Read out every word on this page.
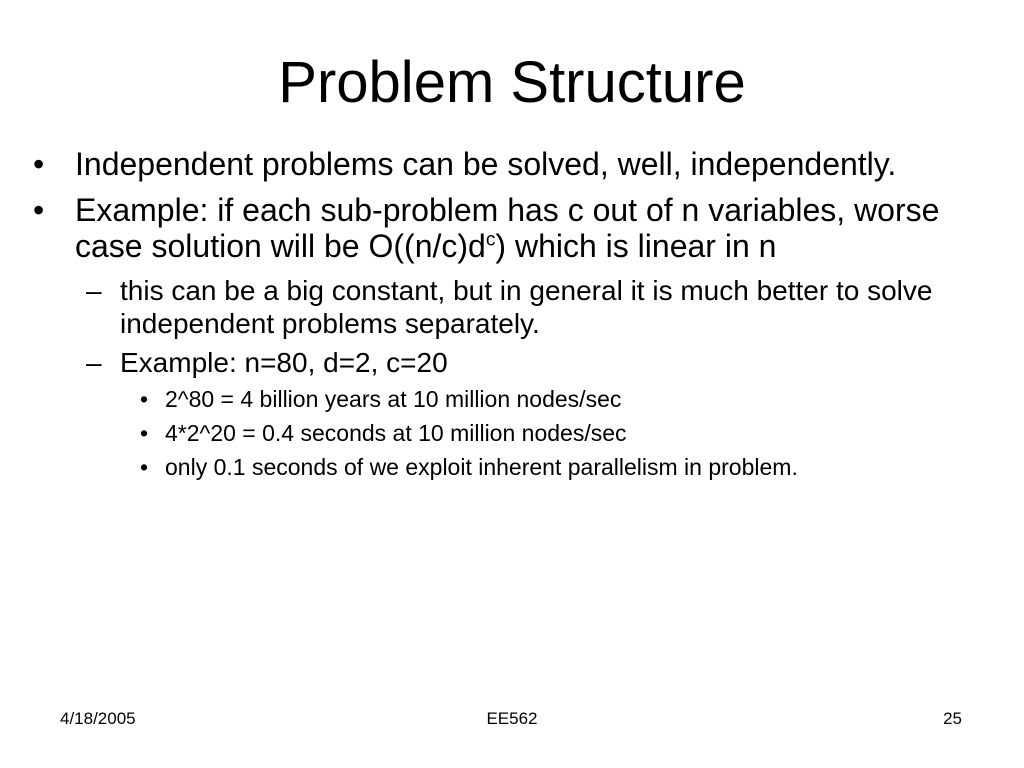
Problem Structure
• Independent problems can be solved, well, independently.
• Example: if each sub-problem has c out of n variables, worse case solution will be $O((n/c)d^c)$ which is linear in n
– this can be a big constant, but in general it is much better to solve independent problems separately.
– Example: n=80, d=2, c=20
• 2^80 = 4 billion years at 10 million nodes/sec
• 4*2^20 = 0.4 seconds at 10 million nodes/sec
• only 0.1 seconds of we exploit inherent parallelism in problem.
4/18/2005	EE562	25
